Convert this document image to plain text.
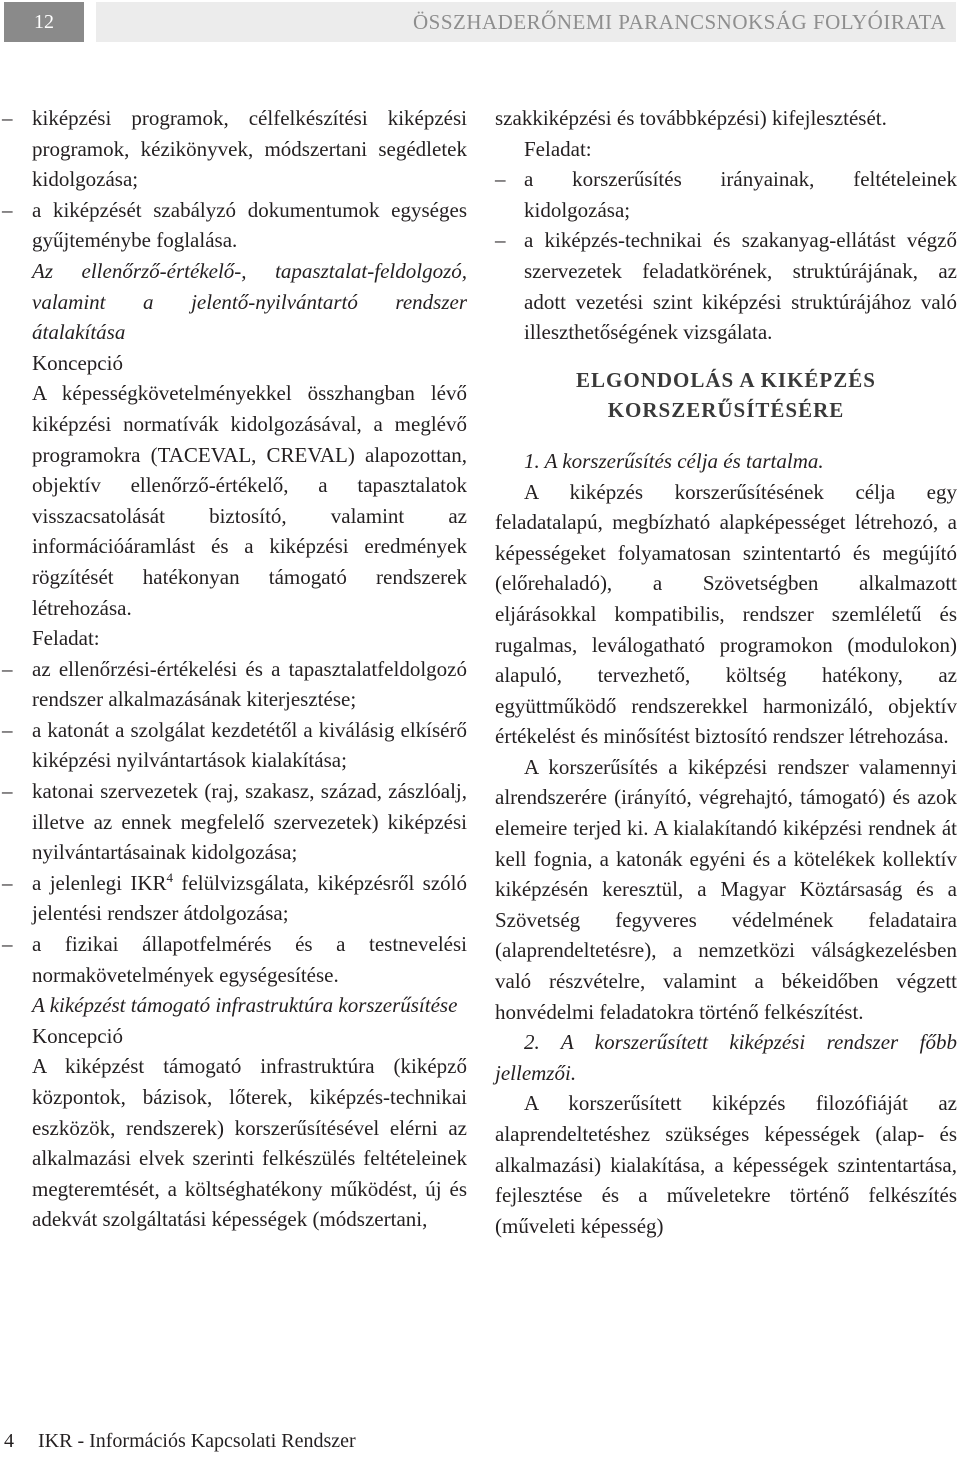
12	ÖSSZHADERŐNEMI PARANCSNOKSÁG FOLYÓIRATA

– kiképzési programok, célfelkészítési kiképzési programok, kézikönyvek, módszertani segédletek kidolgozása;

– a kiképzését szabályzó dokumentumok egységes gyűjteménybe foglalása.

Az ellenőrző-értékelő-, tapasztalat-feldolgozó, valamint a jelentő-nyilvántartó rendszer átalakítása

Koncepció

A képességkövetelményekkel összhangban lévő kiképzési normatívák kidolgozásával, a meglévő programokra (TACEVAL, CREVAL) alapozottan, objektív ellenőrző-értékelő, a tapasztalatok visszacsatolását biztosító, valamint az információáramlást és a kiképzési eredmények rögzítését hatékonyan támogató rendszerek létrehozása.

Feladat:

– az ellenőrzési-értékelési és a tapasztalatfeldolgozó rendszer alkalmazásának kiterjesztése;

– a katonát a szolgálat kezdetétől a kiválásig elkísérő kiképzési nyilvántartások kialakítása;

– katonai szervezetek (raj, szakasz, század, zászlóalj, illetve az ennek megfelelő szervezetek) kiképzési nyilvántartásainak kidolgozása;

– a jelenlegi IKR$^4$ felülvizsgálata, kiképzésről szóló jelentési rendszer átdolgozása;

– a fizikai állapotfelmérés és a testnevelési normakövetelmények egységesítése.

A kiképzést támogató infrastruktúra korszerűsítése

Koncepció

A kiképzést támogató infrastruktúra (kiképző központok, bázisok, lőterek, kiképzés-technikai eszközök, rendszerek) korszerűsítésével elérni az alkalmazási elvek szerinti felkészülés feltételeinek megteremtését, a költséghatékony működést, új és adekvát szolgáltatási képességek (módszertani,

szakkiképzési és továbbképzési) kifejlesztését.

Feladat:

– a korszerűsítés irányainak, feltételeinek kidolgozása;

– a kiképzés-technikai és szakanyag-ellátást végző szervezetek feladatkörének, struktúrájának, az adott vezetési szint kiképzési struktúrájához való illeszthetőségének vizsgálata.

ELGONDOLÁS A KIKÉPZÉS
KORSZERŰSÍTÉSÉRE

1. A korszerűsítés célja és tartalma.

A kiképzés korszerűsítésének célja egy feladatalapú, megbízható alapképességet létrehozó, a képességeket folyamatosan szintentartó és megújító (előrehaladó), a Szövetségben alkalmazott eljárásokkal kompatibilis, rendszer szemléletű és rugalmas, leválogatható programokon (modulokon) alapuló, tervezhető, költség hatékony, az együttműködő rendszerekkel harmonizáló, objektív értékelést és minősítést biztosító rendszer létrehozása.

A korszerűsítés a kiképzési rendszer valamennyi alrendszerére (irányító, végrehajtó, támogató) és azok elemeire terjed ki. A kialakítandó kiképzési rendnek át kell fognia, a katonák egyéni és a kötelékek kollektív kiképzésén keresztül, a Magyar Köztársaság és a Szövetség fegyveres védelmének feladataira (alaprendeltetésre), a nemzetközi válságkezelésben való részvételre, valamint a békeidőben végzett honvédelmi feladatokra történő felkészítést.

2. A korszerűsített kiképzési rendszer főbb jellemzői.

A korszerűsített kiképzés filozófiáját az alaprendeltetéshez szükséges képességek (alap- és alkalmazási) kialakítása, a képességek szintentartása, fejlesztése és a műveletekre történő felkészítés (műveleti képesség)

4 IKR - Információs Kapcsolati Rendszer
